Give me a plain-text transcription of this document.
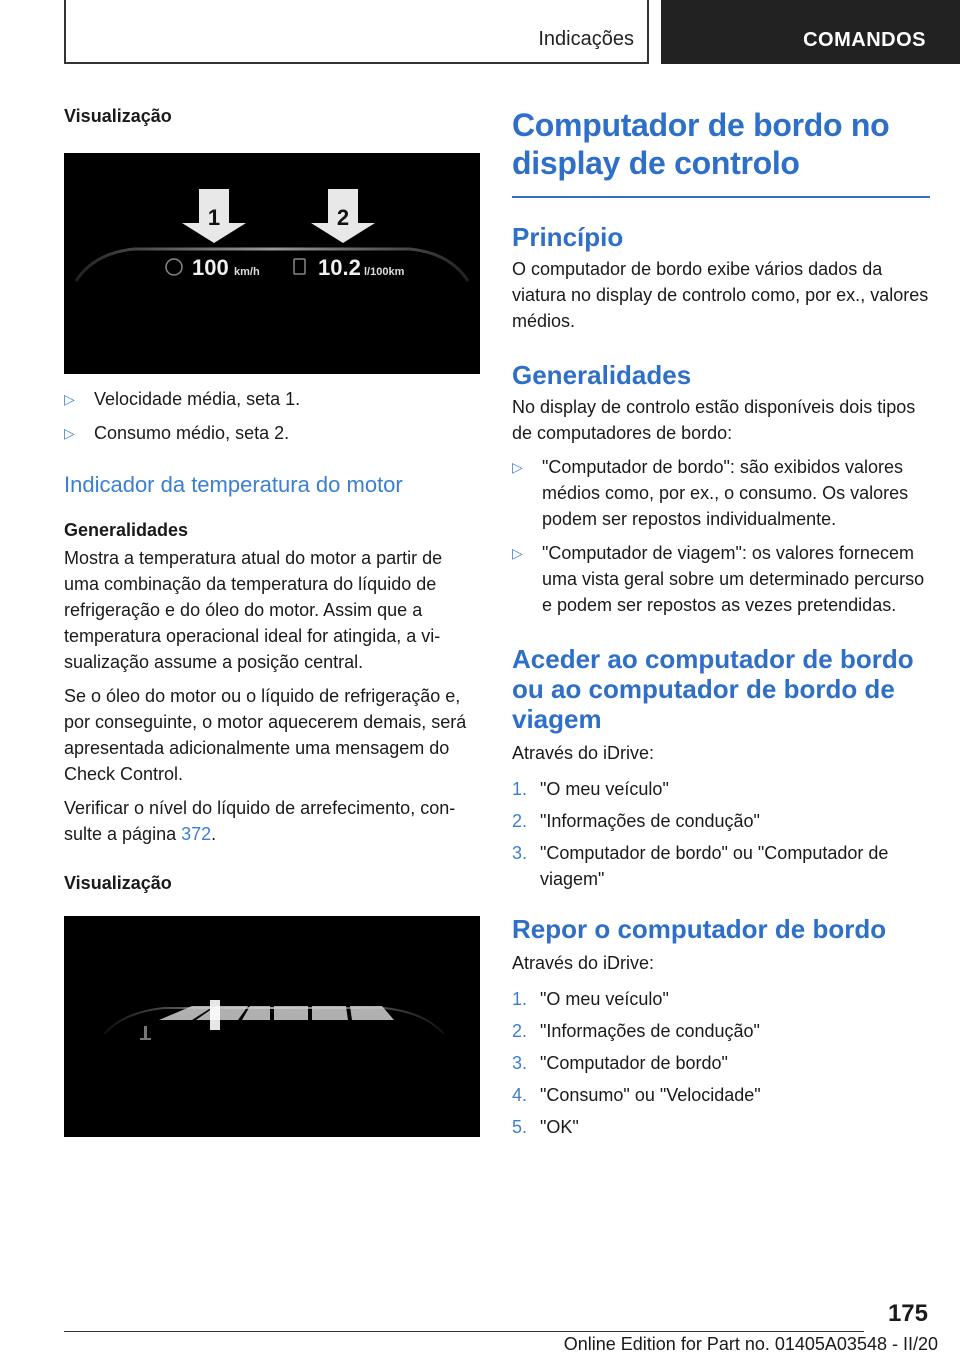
Indicações	COMANDOS

Visualização

1	2
100 km/h	10.2 l/100km
▷ Velocidade média, seta 1.
▷ Consumo médio, seta 2.
Indicador da temperatura do motor

Generalidades

Mostra a temperatura atual do motor a partir de uma combinação da temperatura do líquido de refrigeração e do óleo do motor. Assim que a temperatura operacional ideal for atingida, a visualização assume a posição central.

Se o óleo do motor ou o líquido de refrigeração e, por conseguinte, o motor aquecerem demais, será apresentada adicionalmente uma mensagem do Check Control.

Verificar o nível do líquido de arrefecimento, consulte a página 372.

Visualização

Computador de bordo no display de controlo
Princípio

O computador de bordo exibe vários dados da viatura no display de controlo como, por ex., valores médios.

Generalidades

No display de controlo estão disponíveis dois tipos de computadores de bordo:

▷ "Computador de bordo": são exibidos valores médios como, por ex., o consumo. Os valores podem ser repostos individualmente.
▷ "Computador de viagem": os valores fornecem uma vista geral sobre um determinado percurso e podem ser repostos as vezes pretendidas.
Aceder ao computador de bordo ou ao computador de bordo de viagem

Através do iDrive:

1. "O meu veículo"
2. "Informações de condução"
3. "Computador de bordo" ou "Computador de viagem"
Repor o computador de bordo

Através do iDrive:

1. "O meu veículo"
2. "Informações de condução"
3. "Computador de bordo"
4. "Consumo" ou "Velocidade"
5. "OK"
175
Online Edition for Part no. 01405A03548 - II/20
